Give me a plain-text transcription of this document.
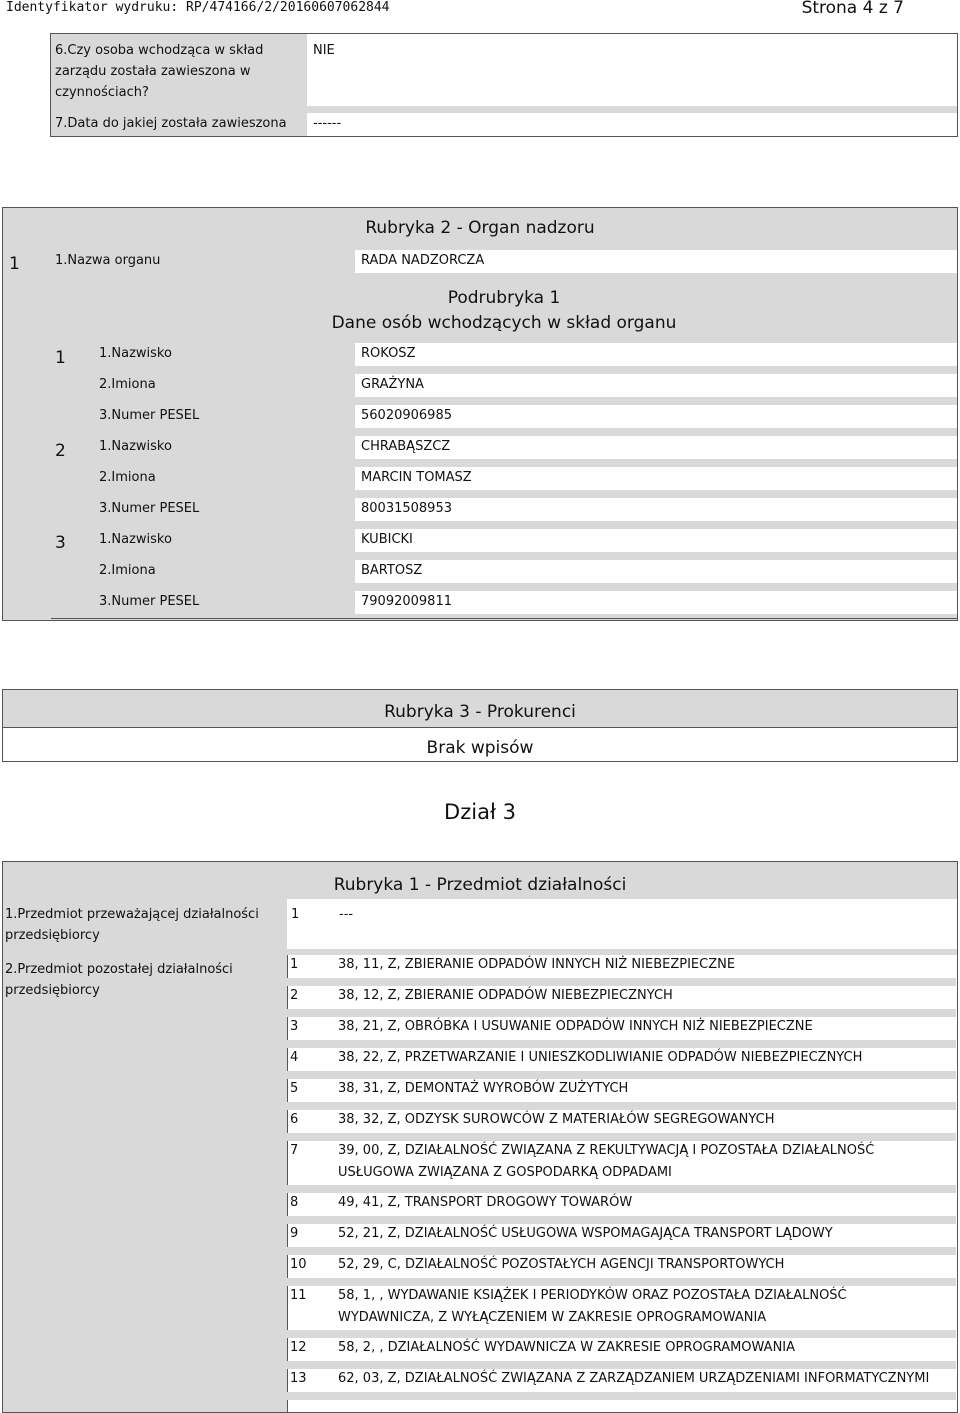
Identyfikator wydruku: RP/474166/2/20160607062844	Strona 4 z 7
6.Czy osoba wchodząca w skład zarządu została zawieszona w czynnościach?
NIE
7.Data do jakiej została zawieszona ------
Rubryka 2 - Organ nadzoru
1	1.Nazwa organu	RADA NADZORCZA
Podrubryka 1
Dane osób wchodzących w skład organu
1	1.Nazwisko	ROKOSZ
2.Imiona	GRAŻYNA
3.Numer PESEL	56020906985
2	1.Nazwisko	CHRABĄSZCZ
2.Imiona	MARCIN TOMASZ
3.Numer PESEL	80031508953
3	1.Nazwisko	KUBICKI
2.Imiona	BARTOSZ
3.Numer PESEL	79092009811
Rubryka 3 - Prokurenci
Brak wpisów
Dział 3
Rubryka 1 - Przedmiot działalności
1.Przedmiot przeważającej działalności przedsiębiorcy
1	---
2.Przedmiot pozostałej działalności przedsiębiorcy
1	38, 11, Z, ZBIERANIE ODPADÓW INNYCH NIŻ NIEBEZPIECZNE
2	38, 12, Z, ZBIERANIE ODPADÓW NIEBEZPIECZNYCH
3	38, 21, Z, OBRÓBKA I USUWANIE ODPADÓW INNYCH NIŻ NIEBEZPIECZNE
4	38, 22, Z, PRZETWARZANIE I UNIESZKODLIWIANIE ODPADÓW NIEBEZPIECZNYCH
5	38, 31, Z, DEMONTAŻ WYROBÓW ZUŻYTYCH
6	38, 32, Z, ODZYSK SUROWCÓW Z MATERIAŁÓW SEGREGOWANYCH
7	39, 00, Z, DZIAŁALNOŚĆ ZWIĄZANA Z REKULTYWACJĄ I POZOSTAŁA DZIAŁALNOŚĆ USŁUGOWA ZWIĄZANA Z GOSPODARKĄ ODPADAMI
8	49, 41, Z, TRANSPORT DROGOWY TOWARÓW
9	52, 21, Z, DZIAŁALNOŚĆ USŁUGOWA WSPOMAGAJĄCA TRANSPORT LĄDOWY
10 52, 29, C, DZIAŁALNOŚĆ POZOSTAŁYCH AGENCJI TRANSPORTOWYCH
11 58, 1, , WYDAWANIE KSIĄŻEK I PERIODYKÓW ORAZ POZOSTAŁA DZIAŁALNOŚĆ WYDAWNICZA, Z WYŁĄCZENIEM W ZAKRESIE OPROGRAMOWANIA
12 58, 2, , DZIAŁALNOŚĆ WYDAWNICZA W ZAKRESIE OPROGRAMOWANIA
13 62, 03, Z, DZIAŁALNOŚĆ ZWIĄZANA Z ZARZĄDZANIEM URZĄDZENIAMI INFORMATYCZNYMI
